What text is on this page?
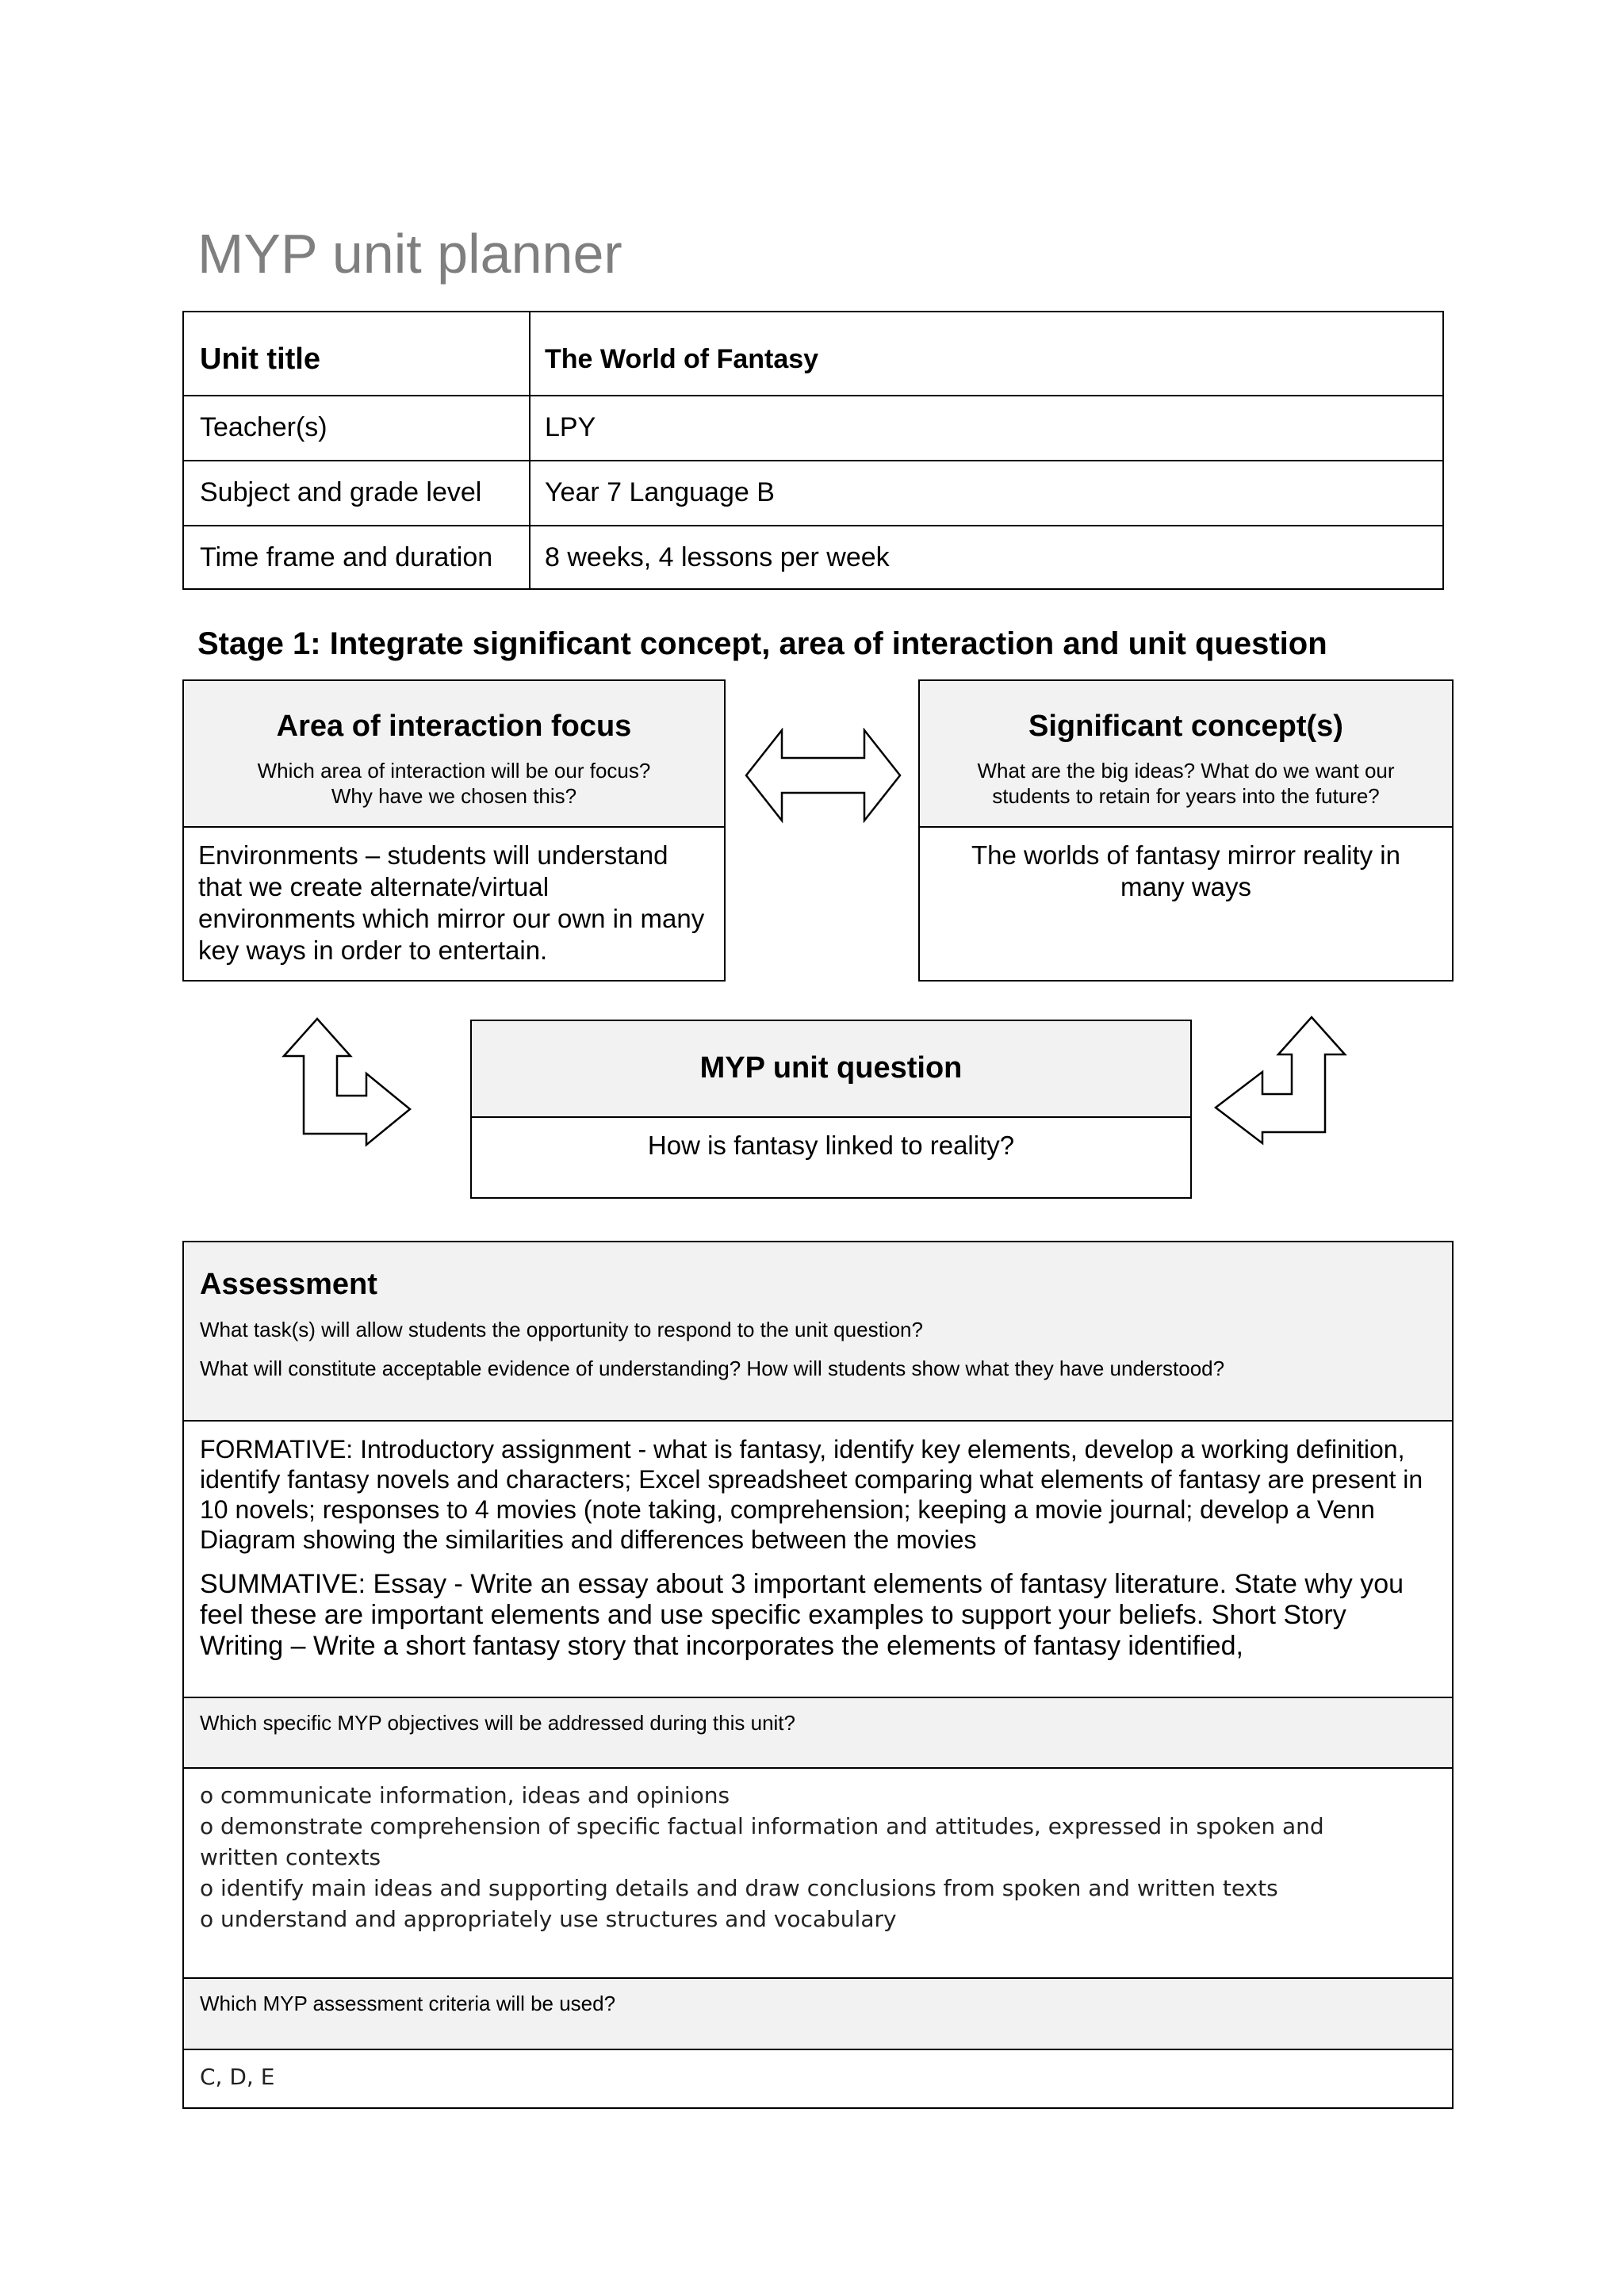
MYP unit planner
Unit title	The World of Fantasy
Teacher(s)	LPY
Subject and grade level Year 7 Language B
Time frame and duration 8 weeks, 4 lessons per week
Stage 1: Integrate significant concept, area of interaction and unit question
Area of interaction focus

Which area of interaction will be our focus?

Why have we chosen this?

Environments – students will understand that we create alternate/virtual environments which mirror our own in many key ways in order to entertain.
Significant concept(s)

What are the big ideas? What do we want our

students to retain for years into the future?

The worlds of fantasy mirror reality in many ways
MYP unit question
How is fantasy linked to reality?
Assessment
What task(s) will allow students the opportunity to respond to the unit question?
What will constitute acceptable evidence of understanding? How will students show what they have understood?
FORMATIVE: Introductory assignment - what is fantasy, identify key elements, develop a working definition, identify fantasy novels and characters; Excel spreadsheet comparing what elements of fantasy are present in 10 novels; responses to 4 movies (note taking, comprehension; keeping a movie journal; develop a Venn Diagram showing the similarities and differences between the movies
SUMMATIVE: Essay - Write an essay about 3 important elements of fantasy literature. State why you feel these are important elements and use specific examples to support your beliefs. Short Story Writing – Write a short fantasy story that incorporates the elements of fantasy identified,
Which specific MYP objectives will be addressed during this unit?
o communicate information, ideas and opinions
o demonstrate comprehension of specific factual information and attitudes, expressed in spoken and
written contexts
o identify main ideas and supporting details and draw conclusions from spoken and written texts
o understand and appropriately use structures and vocabulary
Which MYP assessment criteria will be used?
C, D, E
